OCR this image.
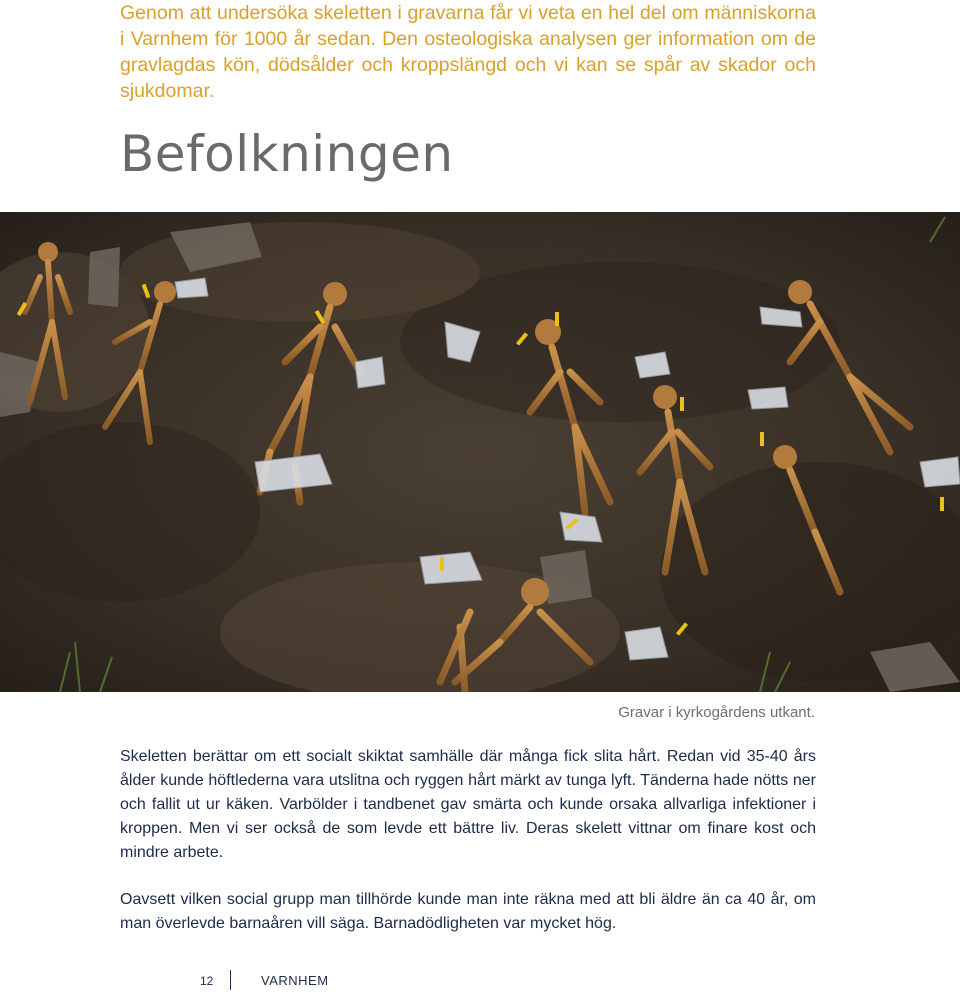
Genom att undersöka skeletten i gravarna får vi veta en hel del om människorna i Varnhem för 1000 år sedan. Den osteologiska analysen ger information om de gravlagdas kön, dödsålder och kroppslängd och vi kan se spår av skador och sjukdomar.

Befolkningen

Gravar i kyrkogårdens utkant.

Skeletten berättar om ett socialt skiktat samhälle där många fick slita hårt. Redan vid 35-40 års ålder kunde höftlederna vara utslitna och ryggen hårt märkt av tunga lyft. Tänderna hade nötts ner och fallit ut ur käken. Varbölder i tandbenet gav smärta och kunde orsaka allvarliga infektioner i kroppen. Men vi ser också de som levde ett bättre liv. Deras skelett vittnar om finare kost och mindre arbete.

Oavsett vilken social grupp man tillhörde kunde man inte räkna med att bli äldre än ca 40 år, om man överlevde barnaåren vill säga. Barnadödligheten var mycket hög.

12	VARNHEM
